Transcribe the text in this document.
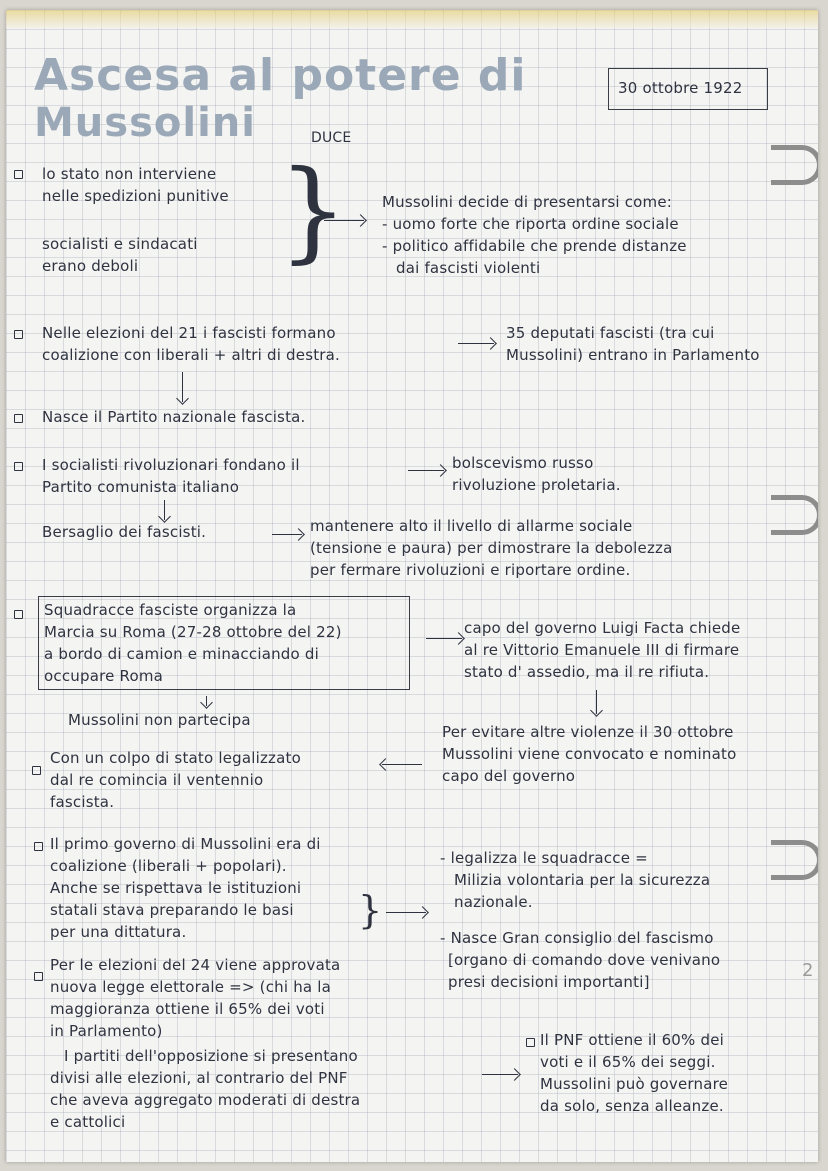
Ascesa al potere di
Mussolini	DUCE
30 ottobre 1922
lo stato non interviene
nelle spedizioni punitive
socialisti e sindacati
erano deboli } Mussolini decide di presentarsi come:
- uomo forte che riporta ordine sociale
- politico affidabile che prende distanze
dai fascisti violenti
Nelle elezioni del 21 i fascisti formano
coalizione con liberali + altri di destra.
35 deputati fascisti (tra cui
Mussolini) entrano in Parlamento
Nasce il Partito nazionale fascista.
I socialisti rivoluzionari fondano il
Partito comunista italiano
bolscevismo russo
rivoluzione proletaria.
Bersaglio dei fascisti.	mantenere alto il livello di allarme sociale
(tensione e paura) per dimostrare la debolezza
per fermare rivoluzioni e riportare ordine.
Squadracce fasciste organizza la
Marcia su Roma (27-28 ottobre del 22)
a bordo di camion e minacciando di
occupare Roma
capo del governo Luigi Facta chiede
al re Vittorio Emanuele III di firmare
stato d' assedio, ma il re rifiuta.
Mussolini non partecipa
Per evitare altre violenze il 30 ottobre
Mussolini viene convocato e nominato
capo del governo
Con un colpo di stato legalizzato
dal re comincia il ventennio
fascista.
Il primo governo di Mussolini era di
coalizione (liberali + popolari).
Anche se rispettava le istituzioni
statali stava preparando le basi
per una dittatura.	}
- legalizza le squadracce =
Milizia volontaria per la sicurezza
nazionale.
- Nasce Gran consiglio del fascismo
[organo di comando dove venivano
presi decisioni importanti]
Per le elezioni del 24 viene approvata
nuova legge elettorale => (chi ha la
maggioranza ottiene il 65% dei voti
in Parlamento)
I partiti dell'opposizione si presentano
divisi alle elezioni, al contrario del PNF
che aveva aggregato moderati di destra
e cattolici
Il PNF ottiene il 60% dei
voti e il 65% dei seggi.
Mussolini può governare
da solo, senza alleanze.
2
